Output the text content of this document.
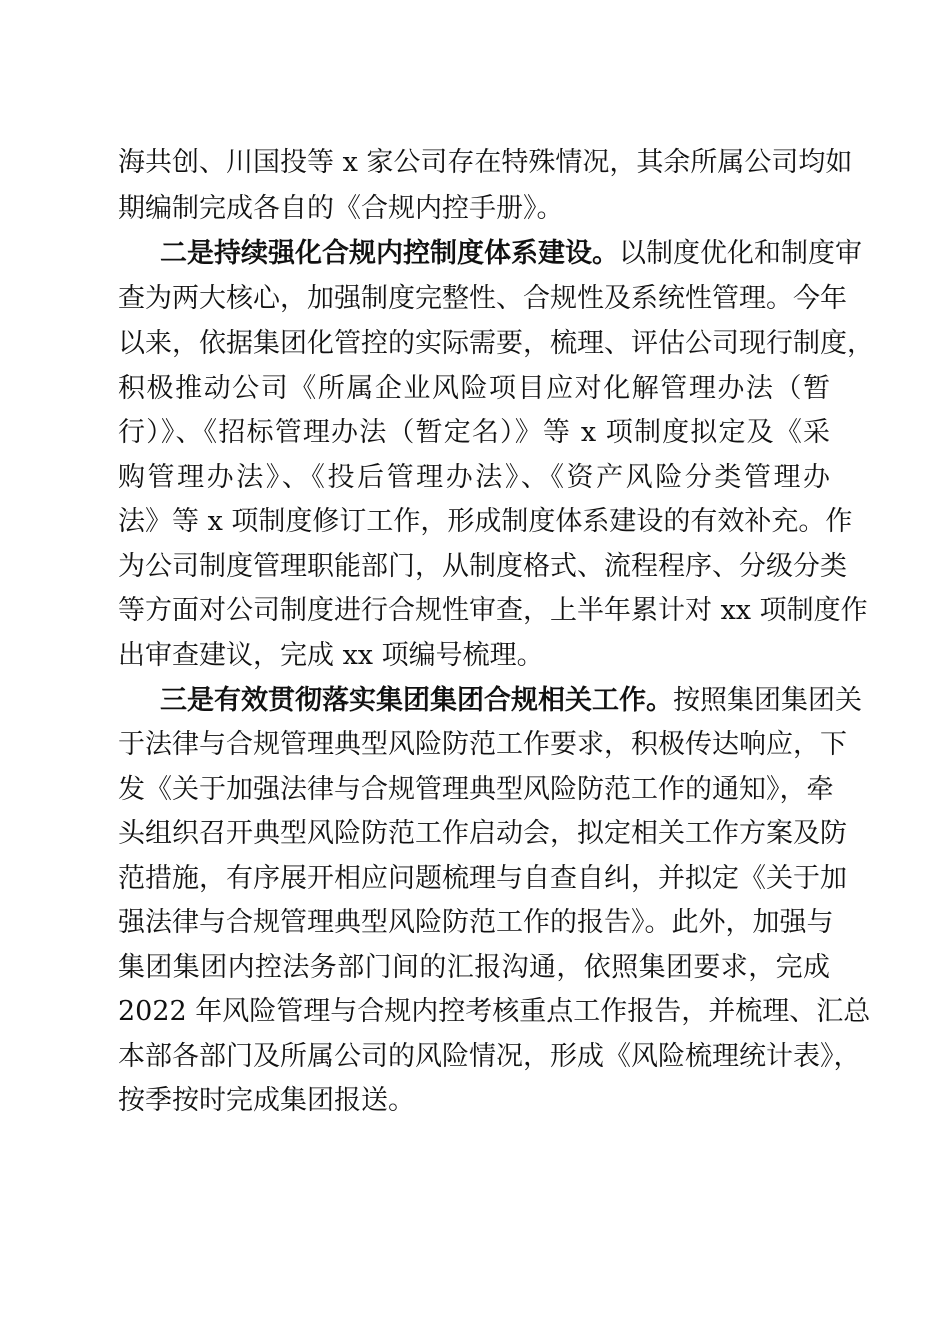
海共创、川国投等 x 家公司存在特殊情况，其余所属公司均如
期编制完成各自的《合规内控手册》。
二是持续强化合规内控制度体系建设。以制度优化和制度审
查为两大核心，加强制度完整性、合规性及系统性管理。今年
以来，依据集团化管控的实际需要，梳理、评估公司现行制度，
积极推动公司《所属企业风险项目应对化解管理办法（暂
行）》、《招标管理办法（暂定名）》等 x 项制度拟定及《采
购管理办法》、《投后管理办法》、《资产风险分类管理办
法》等 x 项制度修订工作，形成制度体系建设的有效补充。作
为公司制度管理职能部门，从制度格式、流程程序、分级分类
等方面对公司制度进行合规性审查，上半年累计对 xx 项制度作
出审查建议，完成 xx 项编号梳理。
三是有效贯彻落实集团集团合规相关工作。按照集团集团关
于法律与合规管理典型风险防范工作要求，积极传达响应，下
发《关于加强法律与合规管理典型风险防范工作的通知》，牵
头组织召开典型风险防范工作启动会，拟定相关工作方案及防
范措施，有序展开相应问题梳理与自查自纠，并拟定《关于加
强法律与合规管理典型风险防范工作的报告》。此外，加强与
集团集团内控法务部门间的汇报沟通，依照集团要求，完成
2022 年风险管理与合规内控考核重点工作报告，并梳理、汇总
本部各部门及所属公司的风险情况，形成《风险梳理统计表》，
按季按时完成集团报送。
